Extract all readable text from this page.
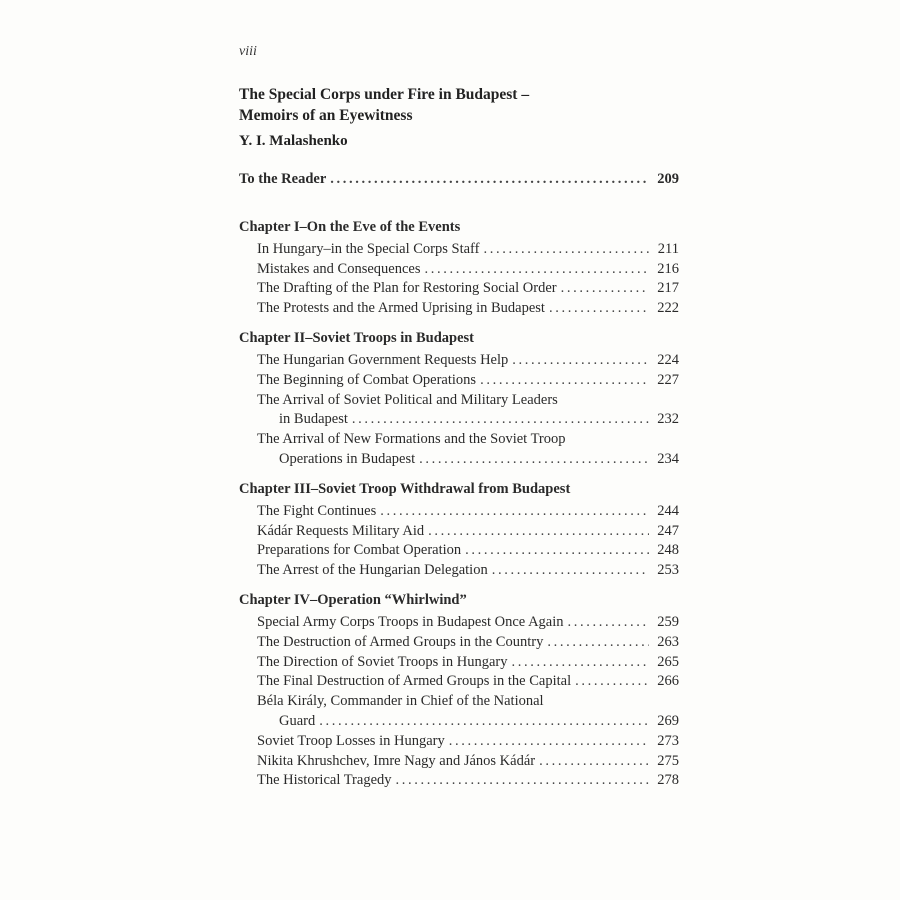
viii
The Special Corps under Fire in Budapest –
Memoirs of an Eyewitness
Y. I. Malashenko
To the Reader . . .	209
Chapter I–On the Eve of the Events
In Hungary–in the Special Corps Staff . . .	211
Mistakes and Consequences . . .	216
The Drafting of the Plan for Restoring Social Order . . .	217
The Protests and the Armed Uprising in Budapest . . .	222
Chapter II–Soviet Troops in Budapest
The Hungarian Government Requests Help . . .	224
The Beginning of Combat Operations . . .	227
The Arrival of Soviet Political and Military Leaders
in Budapest . . .	232
The Arrival of New Formations and the Soviet Troop
Operations in Budapest . . .	234
Chapter III–Soviet Troop Withdrawal from Budapest
The Fight Continues . . .	244
Kádár Requests Military Aid . . .	247
Preparations for Combat Operation . . .	248
The Arrest of the Hungarian Delegation . . .	253
Chapter IV–Operation “Whirlwind”
Special Army Corps Troops in Budapest Once Again . . .	259
The Destruction of Armed Groups in the Country . . .	263
The Direction of Soviet Troops in Hungary . . .	265
The Final Destruction of Armed Groups in the Capital . . .	266
Béla Király, Commander in Chief of the National
Guard . . .	269
Soviet Troop Losses in Hungary . . .	273
Nikita Khrushchev, Imre Nagy and János Kádár . . .	275
The Historical Tragedy . . .	278
